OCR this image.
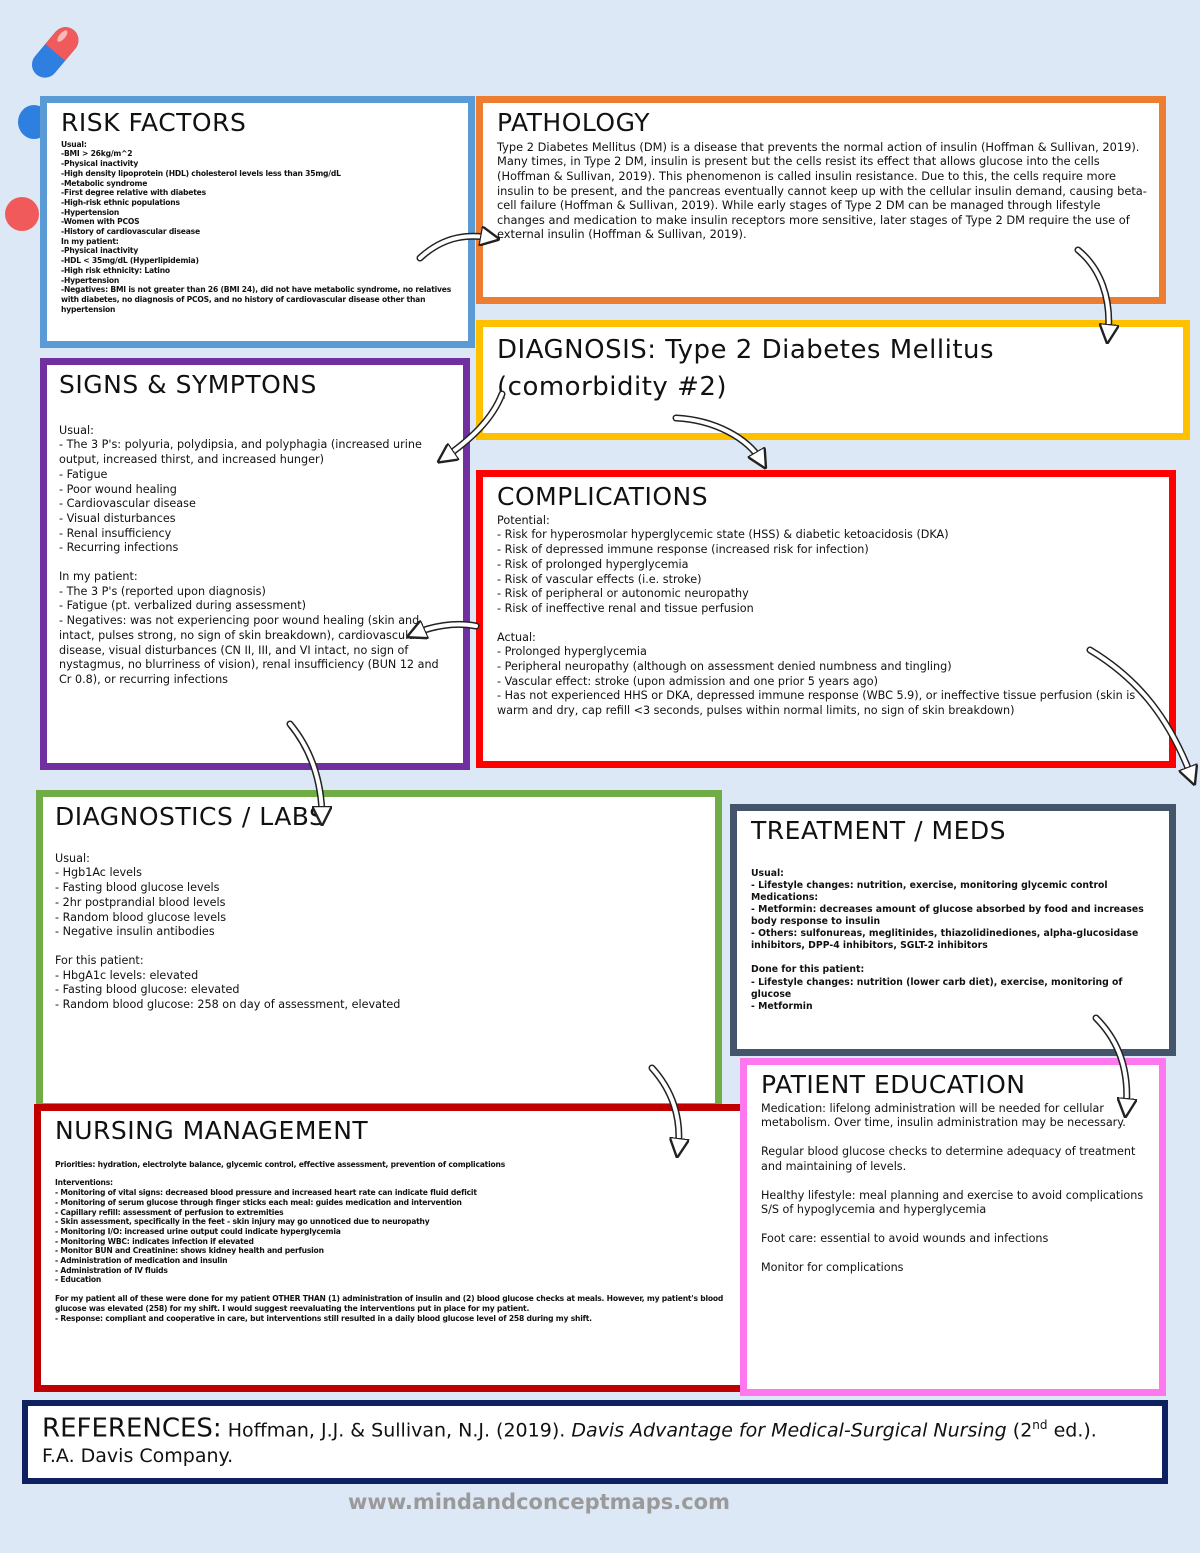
RISK FACTORS
Usual:
-BMI > 26kg/m^2
-Physical inactivity
-High density lipoprotein (HDL) cholesterol levels less than 35mg/dL
-Metabolic syndrome
-First degree relative with diabetes
-High-risk ethnic populations
-Hypertension
-Women with PCOS
-History of cardiovascular disease
In my patient:
-Physical inactivity
-HDL < 35mg/dL (Hyperlipidemia)
-High risk ethnicity: Latino
-Hypertension
-Negatives: BMI is not greater than 26 (BMI 24), did not have metabolic syndrome, no relatives with diabetes, no diagnosis of PCOS, and no history of cardiovascular disease other than hypertension
PATHOLOGY
Type 2 Diabetes Mellitus (DM) is a disease that prevents the normal action of insulin (Hoffman & Sullivan, 2019). Many times, in Type 2 DM, insulin is present but the cells resist its effect that allows glucose into the cells (Hoffman & Sullivan, 2019). This phenomenon is called insulin resistance. Due to this, the cells require more insulin to be present, and the pancreas eventually cannot keep up with the cellular insulin demand, causing beta-cell failure (Hoffman & Sullivan, 2019). While early stages of Type 2 DM can be managed through lifestyle changes and medication to make insulin receptors more sensitive, later stages of Type 2 DM require the use of external insulin (Hoffman & Sullivan, 2019).
DIAGNOSIS: Type 2 Diabetes Mellitus
(comorbidity #2)
SIGNS & SYMPTONS
Usual:
- The 3 P's: polyuria, polydipsia, and polyphagia (increased urine output, increased thirst, and increased hunger)
- Fatigue
- Poor wound healing
- Cardiovascular disease
- Visual disturbances
- Renal insufficiency
- Recurring infections
In my patient:
- The 3 P's (reported upon diagnosis)
- Fatigue (pt. verbalized during assessment)
- Negatives: was not experiencing poor wound healing (skin and intact, pulses strong, no sign of skin breakdown), cardiovascular disease, visual disturbances (CN II, III, and VI intact, no sign of nystagmus, no blurriness of vision), renal insufficiency (BUN 12 and Cr 0.8), or recurring infections
COMPLICATIONS
Potential:
- Risk for hyperosmolar hyperglycemic state (HSS) & diabetic ketoacidosis (DKA)
- Risk of depressed immune response (increased risk for infection)
- Risk of prolonged hyperglycemia
- Risk of vascular effects (i.e. stroke)
- Risk of peripheral or autonomic neuropathy
- Risk of ineffective renal and tissue perfusion
Actual:
- Prolonged hyperglycemia
- Peripheral neuropathy (although on assessment denied numbness and tingling)
- Vascular effect: stroke (upon admission and one prior 5 years ago)
- Has not experienced HHS or DKA, depressed immune response (WBC 5.9), or ineffective tissue perfusion (skin is warm and dry, cap refill <3 seconds, pulses within normal limits, no sign of skin breakdown)
DIAGNOSTICS / LABS
Usual:
- Hgb1Ac levels
- Fasting blood glucose levels
- 2hr postprandial blood levels
- Random blood glucose levels
- Negative insulin antibodies
For this patient:
- HbgA1c levels: elevated
- Fasting blood glucose: elevated
- Random blood glucose: 258 on day of assessment, elevated
TREATMENT / MEDS
Usual:
- Lifestyle changes: nutrition, exercise, monitoring glycemic control
Medications:
- Metformin: decreases amount of glucose absorbed by food and increases body response to insulin
- Others: sulfonureas, meglitinides, thiazolidinediones, alpha-glucosidase inhibitors, DPP-4 inhibitors, SGLT-2 inhibitors
Done for this patient:
- Lifestyle changes: nutrition (lower carb diet), exercise, monitoring of glucose
- Metformin
NURSING MANAGEMENT
Priorities: hydration, electrolyte balance, glycemic control, effective assessment, prevention of complications
Interventions:
- Monitoring of vital signs: decreased blood pressure and increased heart rate can indicate fluid deficit
- Monitoring of serum glucose through finger sticks each meal: guides medication and intervention
- Capillary refill: assessment of perfusion to extremities
- Skin assessment, specifically in the feet - skin injury may go unnoticed due to neuropathy
- Monitoring I/O: increased urine output could indicate hyperglycemia
- Monitoring WBC: indicates infection if elevated
- Monitor BUN and Creatinine: shows kidney health and perfusion
- Administration of medication and insulin
- Administration of IV fluids
- Education
For my patient all of these were done for my patient OTHER THAN (1) administration of insulin and (2) blood glucose checks at meals. However, my patient's blood glucose was elevated (258) for my shift. I would suggest reevaluating the interventions put in place for my patient.
- Response: compliant and cooperative in care, but interventions still resulted in a daily blood glucose level of 258 during my shift.
PATIENT EDUCATION
Medication: lifelong administration will be needed for cellular metabolism. Over time, insulin administration may be necessary.
Regular blood glucose checks to determine adequacy of treatment and maintaining of levels.
Healthy lifestyle: meal planning and exercise to avoid complications
S/S of hypoglycemia and hyperglycemia
Foot care: essential to avoid wounds and infections
Monitor for complications
REFERENCES: Hoffman, J.J. & Sullivan, N.J. (2019). Davis Advantage for Medical-Surgical Nursing (2nd ed.).
F.A. Davis Company.
www.mindandconceptmaps.com
